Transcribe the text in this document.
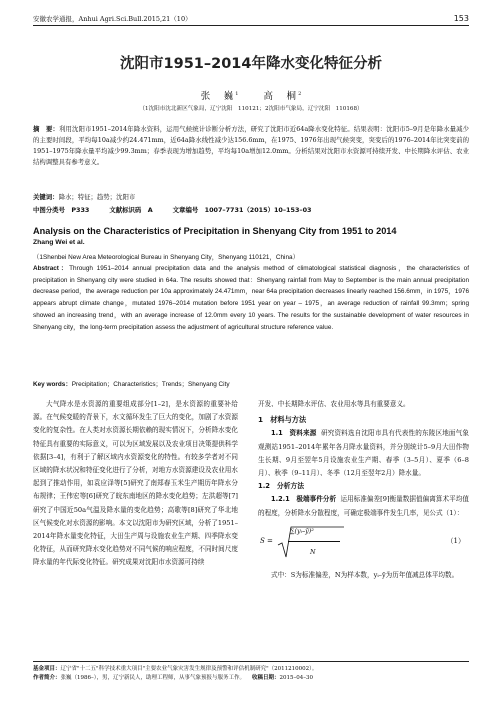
安徽农学通报，Anhui Agri.Sci.Bull.2015,21（10）	153
沈阳市1951–2014年降水变化特征分析
张　巍$^1$	高　桐$^2$
（1沈阳市沈北新区气象局，辽宁沈阳　110121；2沈阳市气象局，辽宁沈阳　110168）
摘　要：利用沈阳市1951–2014年降水资料，运用气候统计诊断分析方法，研究了沈阳市近64a降水变化特征。结果表明：沈阳市5–9月是年降水量减少的主要时间段，平均每10a减少约24.471mm，近64a降水线性减少达156.6mm，在1975、1976年出现气候突变，突变后的1976–2014年比突变前的1951–1975年降水量平均减少99.3mm；春季表现为增加趋势，平均每10a增加12.0mm。分析结果对沈阳市水资源可持续开发、中长期降水评估、农业结构调整具有参考意义。
关键词：降水；特征；趋势；沈阳市
中图分类号　P333	文献标识码　A	文章编号　1007–7731（2015）10–153–03
Analysis on the Characteristics of Precipitation in Shenyang City from 1951 to 2014
Zhang Wei et al.
（1Shenbei New Area Meteorological Bureau in Shenyang City，Shenyang 110121，China）
Abstract：Through 1951–2014 annual precipitation data and the analysis method of climatological statistical diagnosis，the characteristics of precipitation in Shenyang city were studied in 64a. The results showed that：Shenyang rainfall from May to September is the main annual precipitation decrease period，the average reduction per 10a approximately 24.471mm，near 64a precipitation decreases linearly reached 156.6mm，in 1975，1976 appears abrupt climate change，mutated 1976–2014 mutation before 1951 year on year – 1975，an average reduction of rainfall 99.3mm；spring showed an increasing trend，with an average increase of 12.0mm every 10 years. The results for the sustainable development of water resources in Shenyang city，the long-term precipitation assess the adjustment of agricultural structure reference value.
Key words：Precipitation；Characteristics；Trends；Shenyang City

大气降水是水资源的重要组成部分[1–2]，是水资源的重要补给源。在气候变暖的背景下，水文循环发生了巨大的变化，加剧了水资源变化的复杂性。在人类对水资源长期依赖的现实情况下，分析降水变化特征具有重要的实际意义，可以为区域发展以及农业项目决策提供科学依据[3–4]，有利于了解区域内水资源变化的特性。有较多学者对不同区域的降水状况和特征变化进行了分析，对地方水资源建设及农业用水起到了推动作用，如袁应泽等[5]研究了南郑春玉米生产期历年降水分布规律；王伟宏等[6]研究了皖东南地区的降水变化趋势；左洪超等[7]研究了中国近50a气温及降水量的变化趋势；高歌等[8]研究了华北地区气候变化对水资源的影响。本文以沈阳市为研究区域，分析了1951–2014年降水量变化特征，大田生产周与设施农业生产期、四季降水变化特征，从而研究降水变化趋势对不同气候的响应程度，不同时间尺度降水量的年代际变化特征。研究成果对沈阳市水资源可持续

开发、中长期降水评估、农业用水等具有重要意义。

1　材料与方法

1.1　资料来源 研究资料选自沈阳市具有代表性的东陵区地面气象观测站1951–2014年累年各月降水量资料，并分别统计5–9月大田作物生长期、9月至翌年5月设施农业生产期、春季（3–5月）、夏季（6–8月）、秋季（9–11月）、冬季（12月至翌年2月）降水量。

1.2　分析方法

1.2.1　极端事件分析 运用标准偏差[9]衡量数据值偏离算术平均值的程度，分析降水分散程度，可确定极端事件发生几率，见公式（1）：

S =
∑(yᵢ–ȳ)²
N
（1）

式中：S为标准偏差，N为样本数，yᵢ–ȳ为历年值减总体平均数。

基金项目：辽宁省"十二五"科学技术重大项目"主要农业气象灾害发生规律及预警和评估机制研究"（2011210002）。
作者简介：张巍（1986–），男，辽宁新民人，助理工程师，从事气象预报与服务工作。 收稿日期：2015–04–30
